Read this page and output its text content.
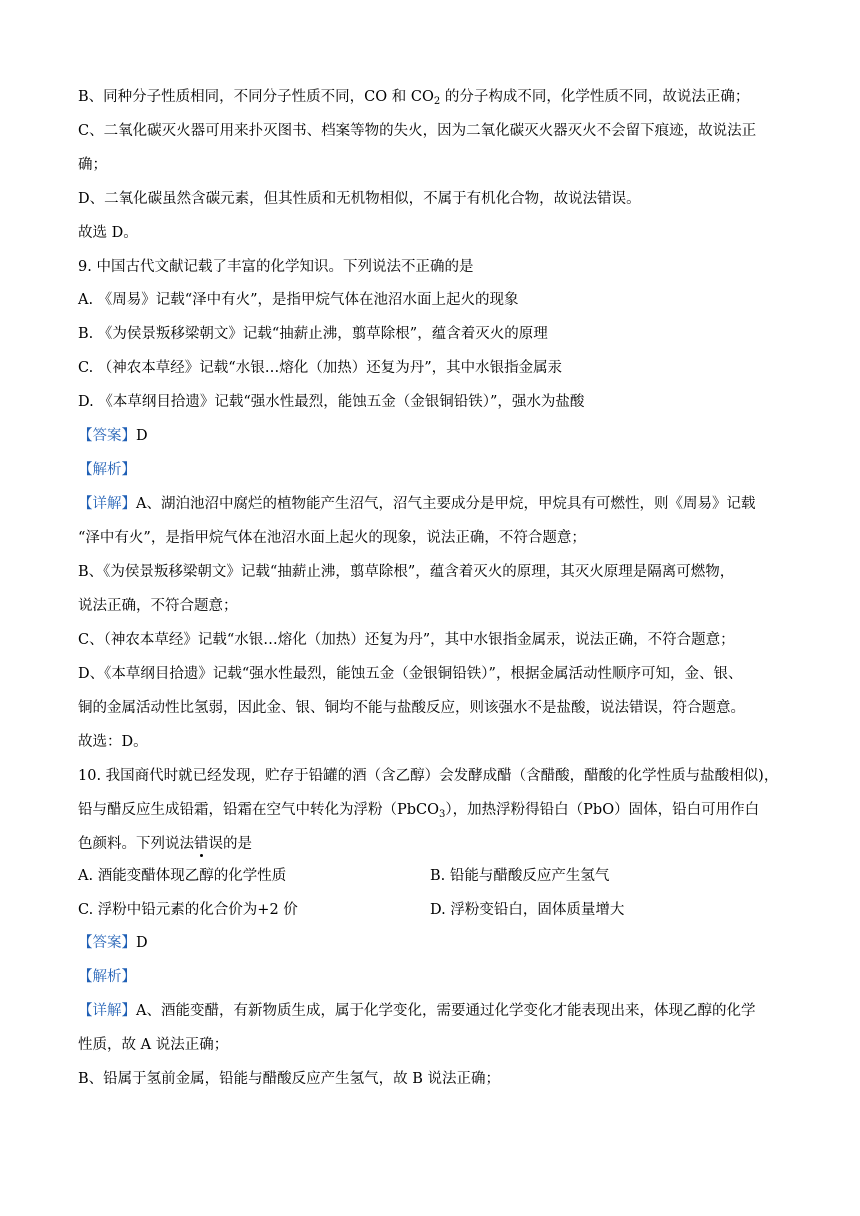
B、同种分子性质相同，不同分子性质不同，CO 和 $CO_2$ 的分子构成不同，化学性质不同，故说法正确；
C、二氧化碳灭火器可用来扑灭图书、档案等物的失火，因为二氧化碳灭火器灭火不会留下痕迹，故说法正
确；
D、二氧化碳虽然含碳元素，但其性质和无机物相似，不属于有机化合物，故说法错误。
故选 D。
9. 中国古代文献记载了丰富的化学知识。下列说法不正确的是
A. 《周易》记载“泽中有火”，是指甲烷气体在池沼水面上起火的现象
B. 《为侯景叛移梁朝文》记载“抽薪止沸，翦草除根”，蕴含着灭火的原理
C. （神农本草经》记载“水银…熔化（加热）还复为丹”，其中水银指金属汞
D. 《本草纲目拾遗》记载“强水性最烈，能蚀五金（金银铜铅铁）”，强水为盐酸
【答案】D
【解析】
【详解】A、湖泊池沼中腐烂的植物能产生沼气，沼气主要成分是甲烷，甲烷具有可燃性，则《周易》记载
“泽中有火”，是指甲烷气体在池沼水面上起火的现象，说法正确，不符合题意；
B、《为侯景叛移梁朝文》记载“抽薪止沸，翦草除根”，蕴含着灭火的原理，其灭火原理是隔离可燃物，
说法正确，不符合题意；
C、（神农本草经》记载“水银…熔化（加热）还复为丹”，其中水银指金属汞，说法正确，不符合题意；
D、《本草纲目拾遗》记载“强水性最烈，能蚀五金（金银铜铅铁）”，根据金属活动性顺序可知，金、银、
铜的金属活动性比氢弱，因此金、银、铜均不能与盐酸反应，则该强水不是盐酸，说法错误，符合题意。
故选：D。
10. 我国商代时就已经发现，贮存于铅罐的酒（含乙醇）会发酵成醋（含醋酸，醋酸的化学性质与盐酸相似)，
铅与醋反应生成铅霜，铅霜在空气中转化为浮粉（PbCO$_3$），加热浮粉得铅白（PbO）固体，铅白可用作白
色颜料。下列说法错误的是
A. 酒能变醋体现乙醇的化学性质	B. 铅能与醋酸反应产生氢气
C. 浮粉中铅元素的化合价为+2 价	D. 浮粉变铅白，固体质量增大
【答案】D
【解析】
【详解】A、酒能变醋，有新物质生成，属于化学变化，需要通过化学变化才能表现出来，体现乙醇的化学
性质，故 A 说法正确；
B、铅属于氢前金属，铅能与醋酸反应产生氢气，故 B 说法正确；
